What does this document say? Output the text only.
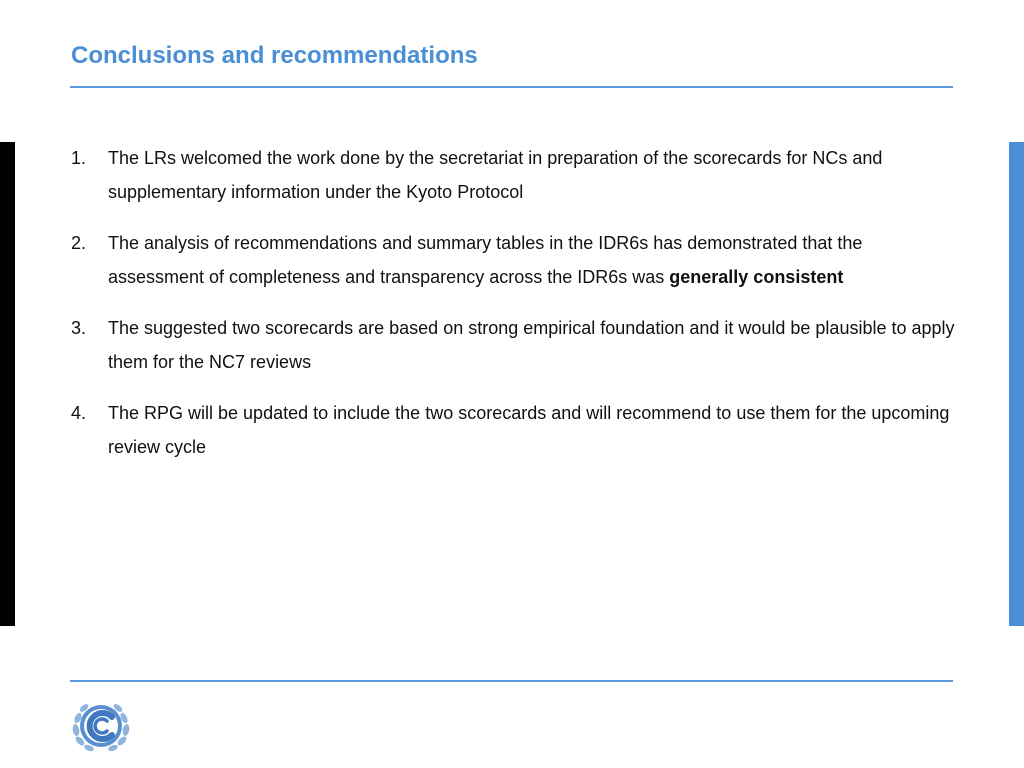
Conclusions and recommendations
1. The LRs welcomed the work done by the secretariat in preparation of the scorecards for NCs and supplementary information under the Kyoto Protocol
2. The analysis of recommendations and summary tables in the IDR6s has demonstrated that the assessment of completeness and transparency across the IDR6s was generally consistent
3. The suggested two scorecards are based on strong empirical foundation and it would be plausible to apply them for the NC7 reviews
4. The RPG will be updated to include the two scorecards and will recommend to use them for the upcoming review cycle
